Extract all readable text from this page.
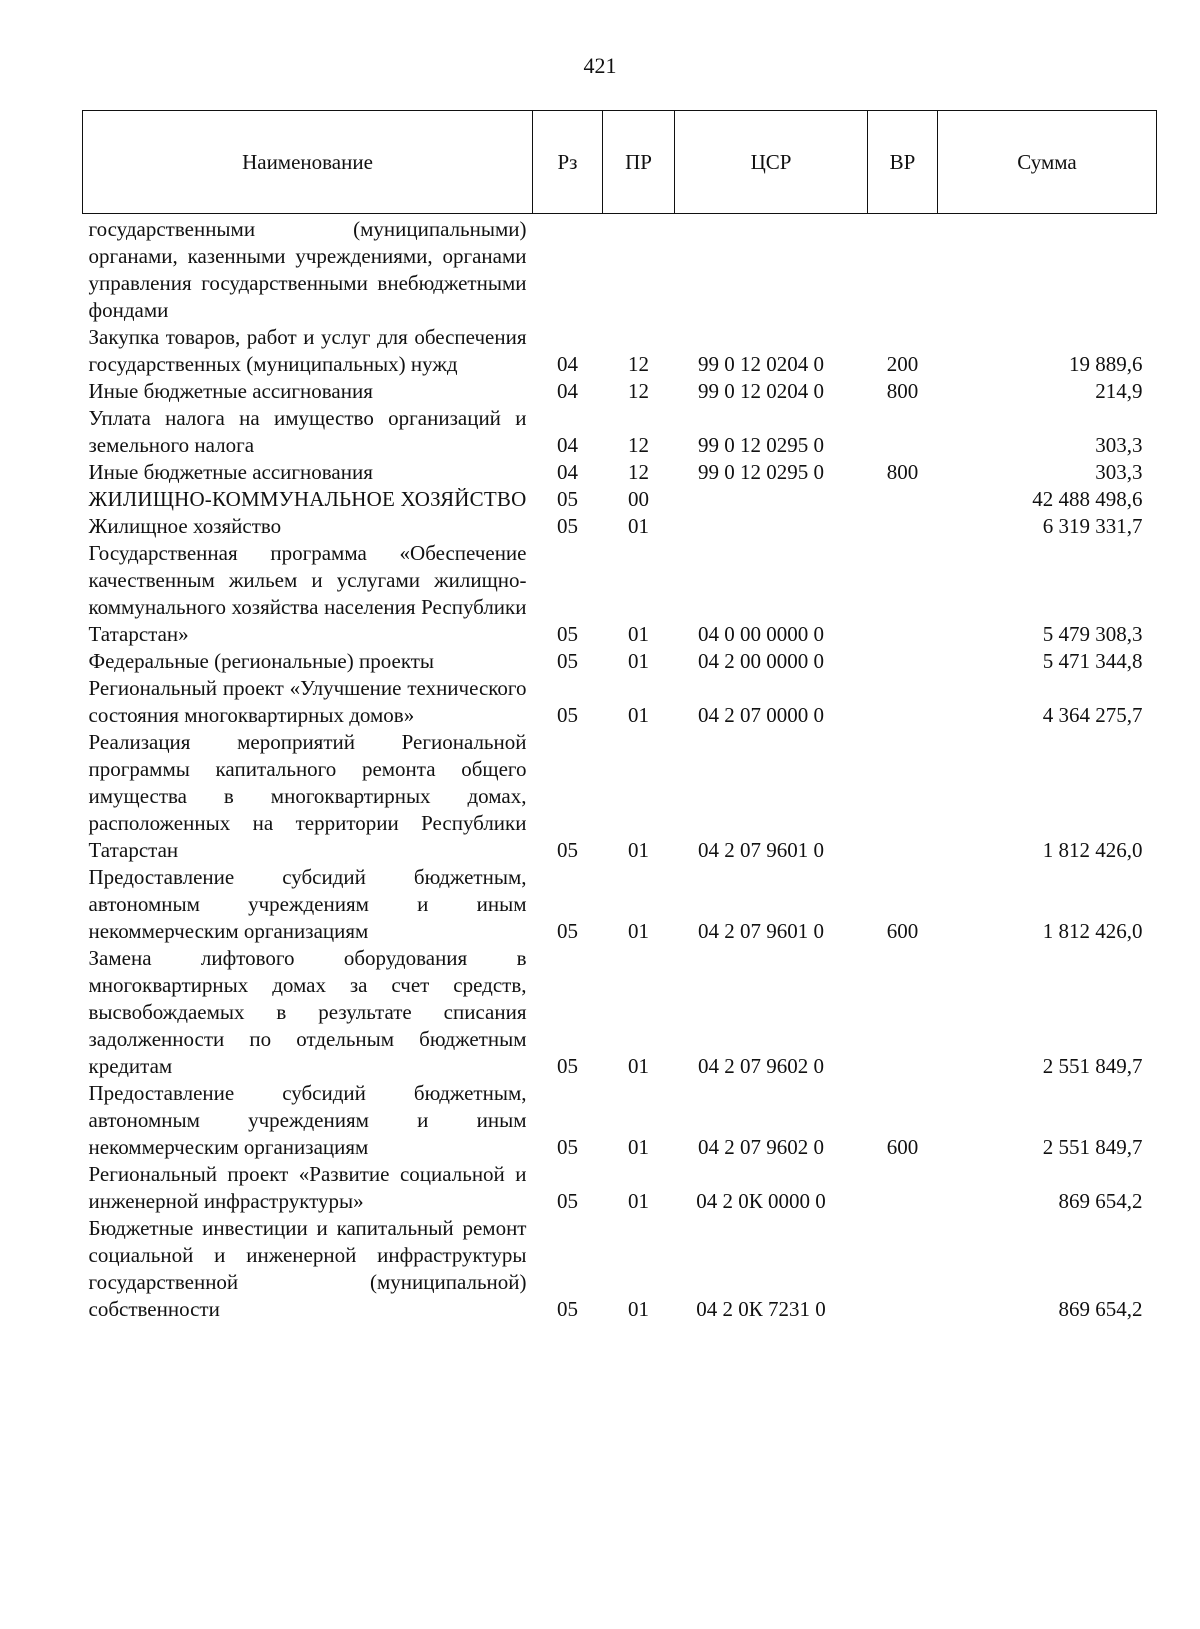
421
Наименование	Рз	ПР	ЦСР	ВР	Сумма
государственными (муниципальными) органами, казенными учреждениями, органами управления государственными внебюджетными фондами					
Закупка товаров, работ и услуг для обеспечения государственных (муниципальных) нужд	04	12	99 0 12 0204 0	200	19 889,6
Иные бюджетные ассигнования	04	12	99 0 12 0204 0	800	214,9
Уплата налога на имущество организаций и земельного налога	04	12	99 0 12 0295 0		303,3
Иные бюджетные ассигнования	04	12	99 0 12 0295 0	800	303,3
ЖИЛИЩНО-КОММУНАЛЬНОЕ ХОЗЯЙСТВО	05	00			42 488 498,6
Жилищное хозяйство	05	01			6 319 331,7
Государственная программа «Обеспечение качественным жильем и услугами жилищно-коммунального хозяйства населения Республики Татарстан»	05	01	04 0 00 0000 0		5 479 308,3
Федеральные (региональные) проекты	05	01	04 2 00 0000 0		5 471 344,8
Региональный проект «Улучшение технического состояния многоквартирных домов»	05	01	04 2 07 0000 0		4 364 275,7
Реализация мероприятий Региональной программы капитального ремонта общего имущества в многоквартирных домах, расположенных на территории Республики Татарстан	05	01	04 2 07 9601 0		1 812 426,0
Предоставление субсидий бюджетным, автономным учреждениям и иным некоммерческим организациям	05	01	04 2 07 9601 0	600	1 812 426,0
Замена лифтового оборудования в многоквартирных домах за счет средств, высвобождаемых в результате списания задолженности по отдельным бюджетным кредитам	05	01	04 2 07 9602 0		2 551 849,7
Предоставление субсидий бюджетным, автономным учреждениям и иным некоммерческим организациям	05	01	04 2 07 9602 0	600	2 551 849,7
Региональный проект «Развитие социальной и инженерной инфраструктуры»	05	01	04 2 0К 0000 0		869 654,2
Бюджетные инвестиции и капитальный ремонт социальной и инженерной инфраструктуры государственной (муниципальной) собственности	05	01	04 2 0К 7231 0		869 654,2
